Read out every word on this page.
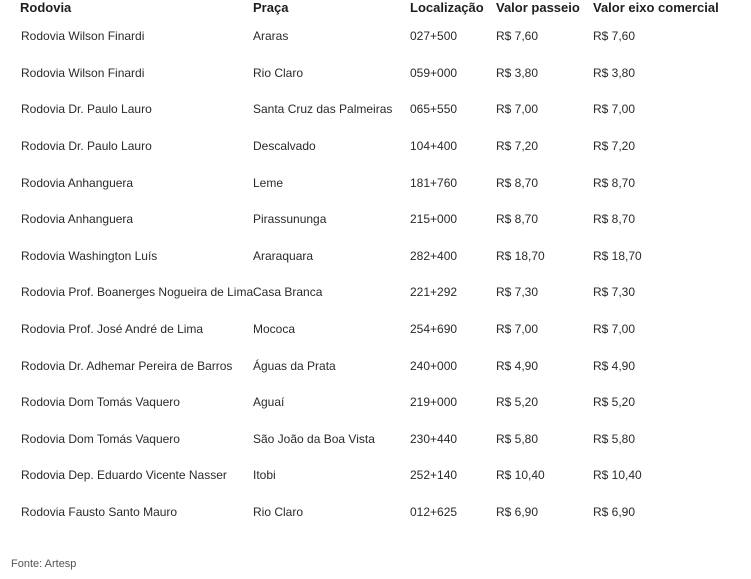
Rodovia	Praça	Localização	Valor passeio	Valor eixo comercial
Rodovia Wilson Finardi	Araras	027+500	R$ 7,60	R$ 7,60
Rodovia Wilson Finardi	Rio Claro	059+000	R$ 3,80	R$ 3,80
Rodovia Dr. Paulo Lauro	Santa Cruz das Palmeiras	065+550	R$ 7,00	R$ 7,00
Rodovia Dr. Paulo Lauro	Descalvado	104+400	R$ 7,20	R$ 7,20
Rodovia Anhanguera	Leme	181+760	R$ 8,70	R$ 8,70
Rodovia Anhanguera	Pirassununga	215+000	R$ 8,70	R$ 8,70
Rodovia Washington Luís	Araraquara	282+400	R$ 18,70	R$ 18,70
Rodovia Prof. Boanerges Nogueira de Lima	Casa Branca	221+292	R$ 7,30	R$ 7,30
Rodovia Prof. José André de Lima	Mococa	254+690	R$ 7,00	R$ 7,00
Rodovia Dr. Adhemar Pereira de Barros	Águas da Prata	240+000	R$ 4,90	R$ 4,90
Rodovia Dom Tomás Vaquero	Aguaí	219+000	R$ 5,20	R$ 5,20
Rodovia Dom Tomás Vaquero	São João da Boa Vista	230+440	R$ 5,80	R$ 5,80
Rodovia Dep. Eduardo Vicente Nasser	Itobi	252+140	R$ 10,40	R$ 10,40
Rodovia Fausto Santo Mauro	Rio Claro	012+625	R$ 6,90	R$ 6,90
Fonte: Artesp
